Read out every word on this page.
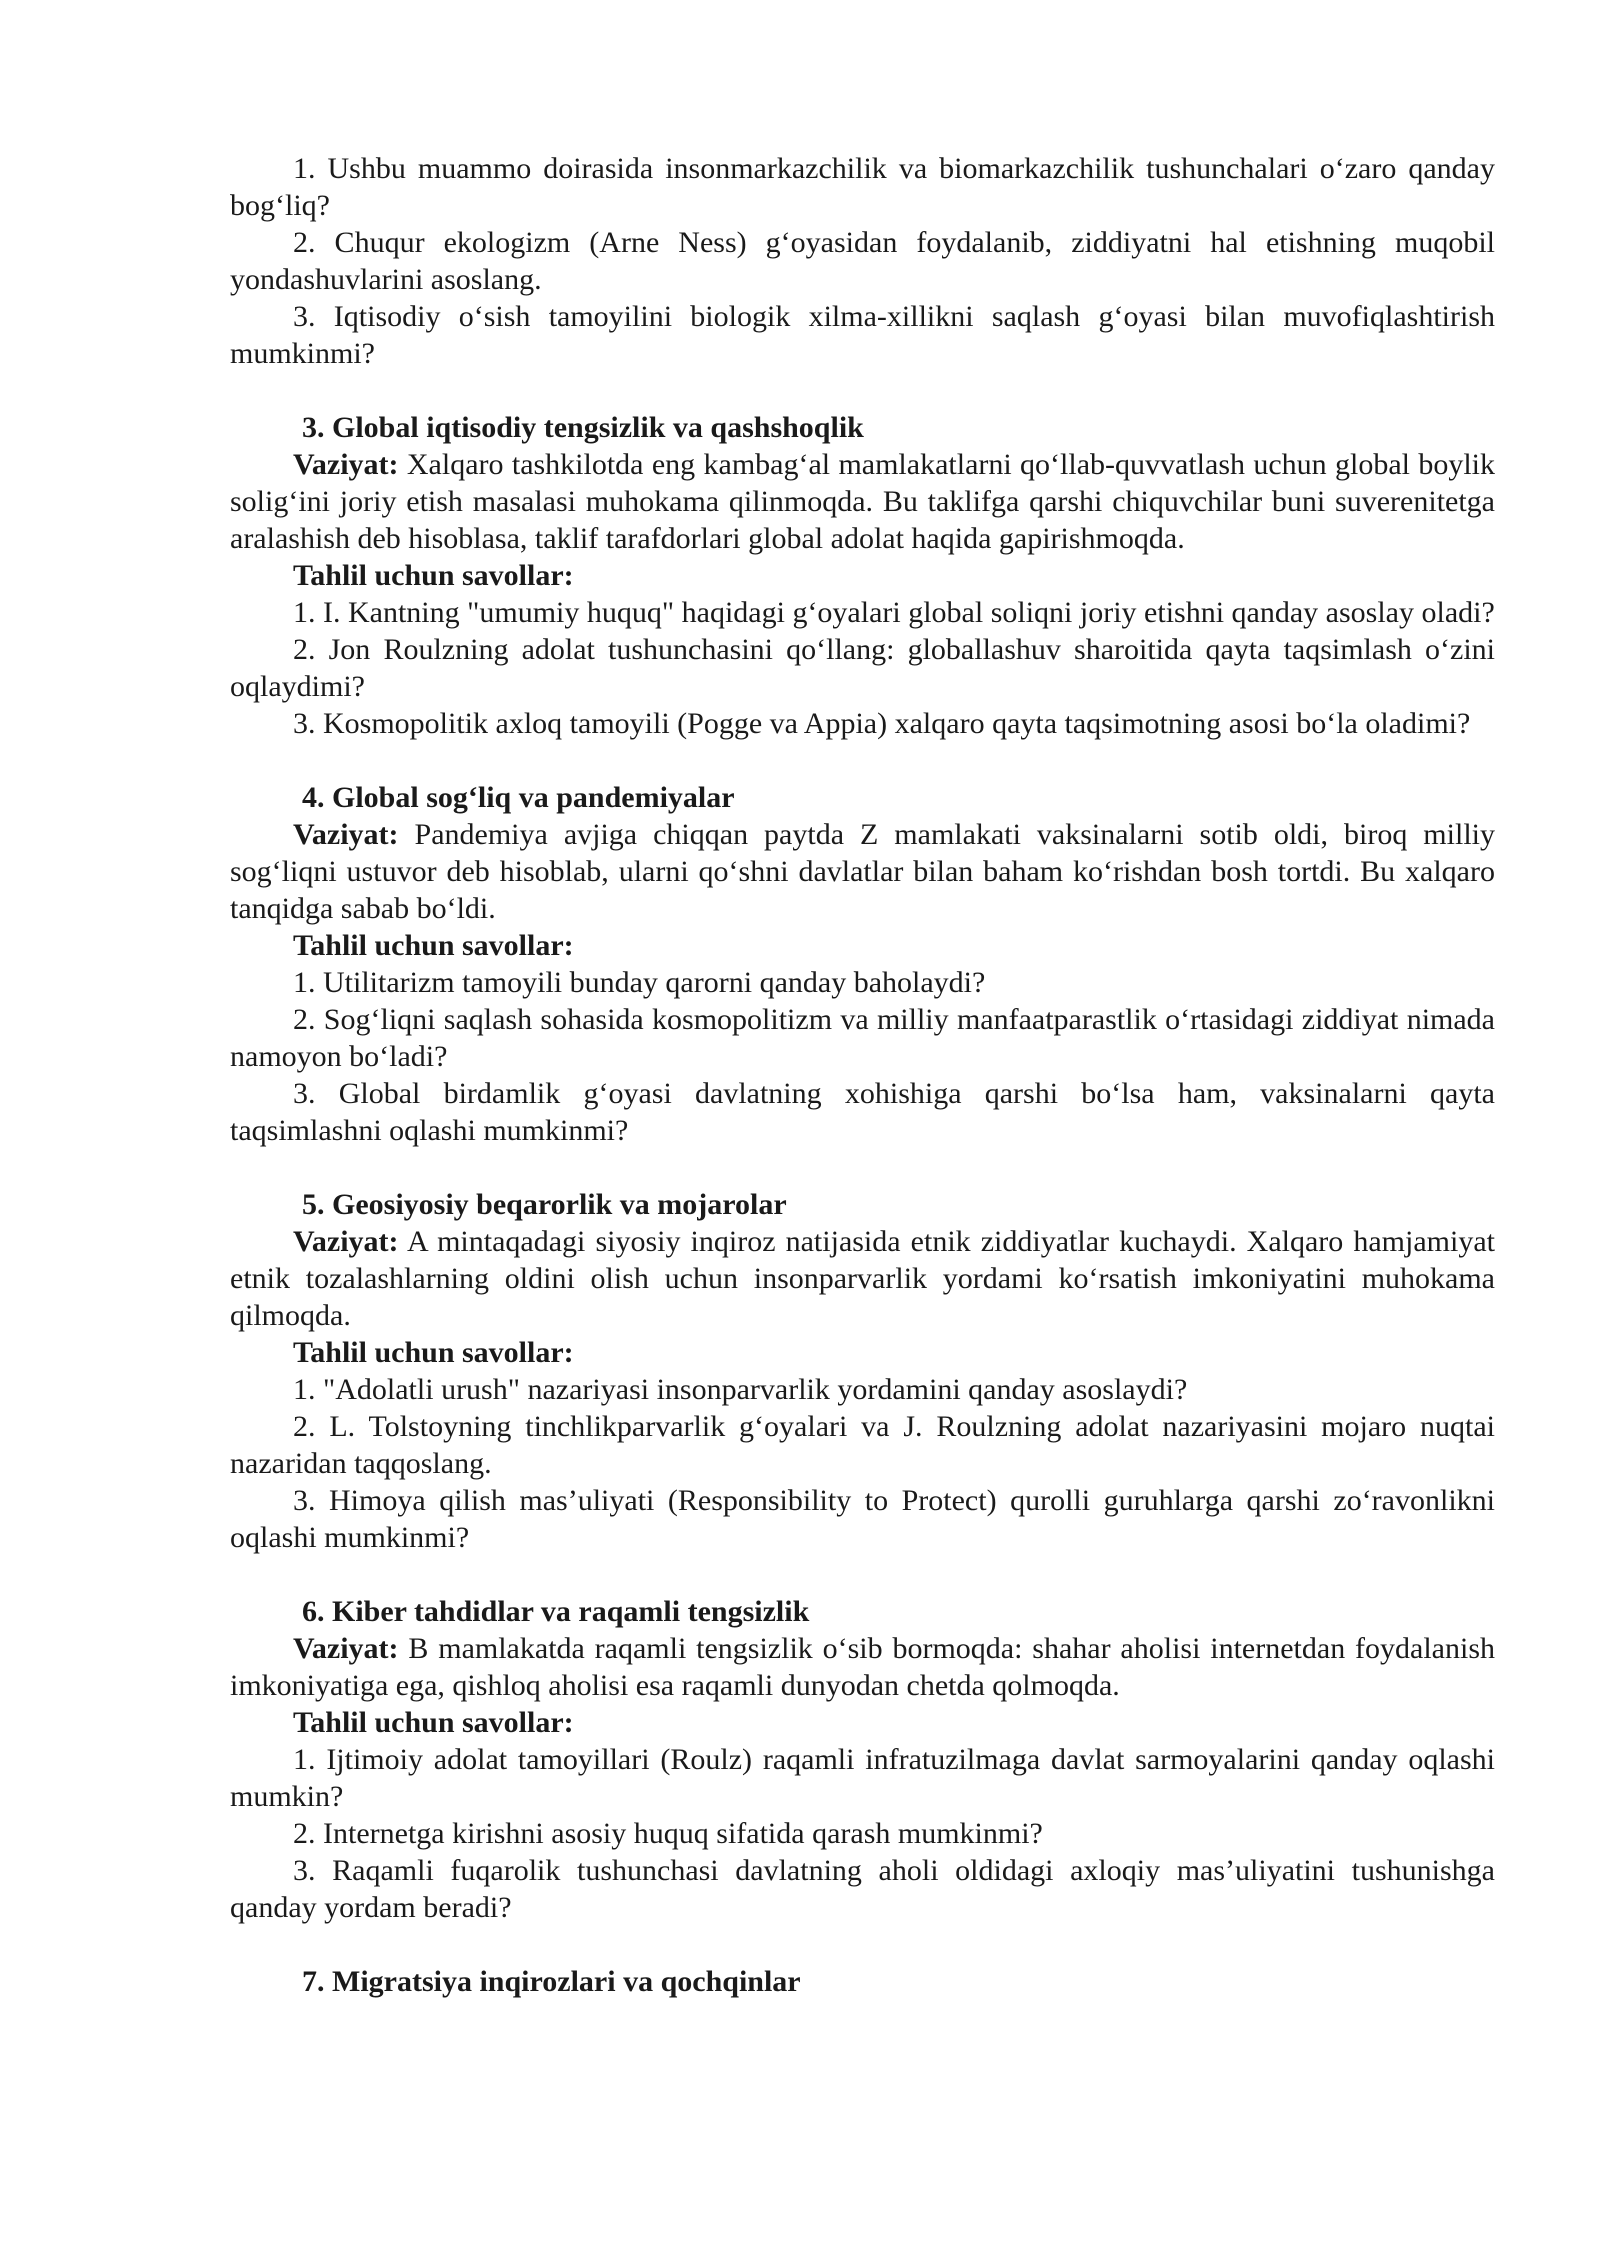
1. Ushbu muammo doirasida insonmarkazchilik va biomarkazchilik tushunchalari o‘zaro qanday bog‘liq?

2. Chuqur ekologizm (Arne Ness) g‘oyasidan foydalanib, ziddiyatni hal etishning muqobil yondashuvlarini asoslang.

3. Iqtisodiy o‘sish tamoyilini biologik xilma-xillikni saqlash g‘oyasi bilan muvofiqlashtirish mumkinmi?

3. Global iqtisodiy tengsizlik va qashshoqlik

Vaziyat: Xalqaro tashkilotda eng kambag‘al mamlakatlarni qo‘llab-quvvatlash uchun global boylik solig‘ini joriy etish masalasi muhokama qilinmoqda. Bu taklifga qarshi chiquvchilar buni suverenitetga aralashish deb hisoblasa, taklif tarafdorlari global adolat haqida gapirishmoqda.

Tahlil uchun savollar:

1. I. Kantning "umumiy huquq" haqidagi g‘oyalari global soliqni joriy etishni qanday asoslay oladi?

2. Jon Roulzning adolat tushunchasini qo‘llang: globallashuv sharoitida qayta taqsimlash o‘zini oqlaydimi?

3. Kosmopolitik axloq tamoyili (Pogge va Appia) xalqaro qayta taqsimotning asosi bo‘la oladimi?

4. Global sog‘liq va pandemiyalar

Vaziyat: Pandemiya avjiga chiqqan paytda Z mamlakati vaksinalarni sotib oldi, biroq milliy sog‘liqni ustuvor deb hisoblab, ularni qo‘shni davlatlar bilan baham ko‘rishdan bosh tortdi. Bu xalqaro tanqidga sabab bo‘ldi.

Tahlil uchun savollar:

1. Utilitarizm tamoyili bunday qarorni qanday baholaydi?

2. Sog‘liqni saqlash sohasida kosmopolitizm va milliy manfaatparastlik o‘rtasidagi ziddiyat nimada namoyon bo‘ladi?

3. Global birdamlik g‘oyasi davlatning xohishiga qarshi bo‘lsa ham, vaksinalarni qayta taqsimlashni oqlashi mumkinmi?

5. Geosiyosiy beqarorlik va mojarolar

Vaziyat: A mintaqadagi siyosiy inqiroz natijasida etnik ziddiyatlar kuchaydi. Xalqaro hamjamiyat etnik tozalashlarning oldini olish uchun insonparvarlik yordami ko‘rsatish imkoniyatini muhokama qilmoqda.

Tahlil uchun savollar:

1. "Adolatli urush" nazariyasi insonparvarlik yordamini qanday asoslaydi?

2. L. Tolstoyning tinchlikparvarlik g‘oyalari va J. Roulzning adolat nazariyasini mojaro nuqtai nazaridan taqqoslang.

3. Himoya qilish mas’uliyati (Responsibility to Protect) qurolli guruhlarga qarshi zo‘ravonlikni oqlashi mumkinmi?

6. Kiber tahdidlar va raqamli tengsizlik

Vaziyat: B mamlakatda raqamli tengsizlik o‘sib bormoqda: shahar aholisi internetdan foydalanish imkoniyatiga ega, qishloq aholisi esa raqamli dunyodan chetda qolmoqda.

Tahlil uchun savollar:

1. Ijtimoiy adolat tamoyillari (Roulz) raqamli infratuzilmaga davlat sarmoyalarini qanday oqlashi mumkin?

2. Internetga kirishni asosiy huquq sifatida qarash mumkinmi?

3. Raqamli fuqarolik tushunchasi davlatning aholi oldidagi axloqiy mas’uliyatini tushunishga qanday yordam beradi?

7. Migratsiya inqirozlari va qochqinlar
